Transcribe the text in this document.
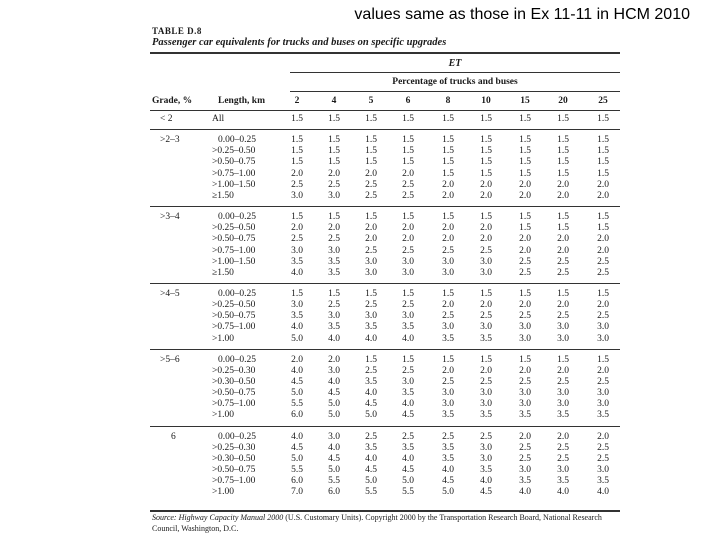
values same as those in Ex 11-11 in HCM 2010
TABLE D.8
Passenger car equivalents for trucks and buses on specific upgrades
ET
Percentage of trucks and buses
Grade, %	Length, km	2	4	5	6	8	10	15	20	25
< 2	All	1.5	1.5	1.5	1.5	1.5	1.5	1.5	1.5	1.5
>2–3	0.00–0.25	1.5	1.5	1.5	1.5	1.5	1.5	1.5	1.5	1.5
>0.25–0.50	1.5	1.5	1.5	1.5	1.5	1.5	1.5	1.5	1.5
>0.50–0.75	1.5	1.5	1.5	1.5	1.5	1.5	1.5	1.5	1.5
>0.75–1.00	2.0	2.0	2.0	2.0	1.5	1.5	1.5	1.5	1.5
>1.00–1.50	2.5	2.5	2.5	2.5	2.0	2.0	2.0	2.0	2.0
≥1.50	3.0	3.0	2.5	2.5	2.0	2.0	2.0	2.0	2.0
>3–4	0.00–0.25	1.5	1.5	1.5	1.5	1.5	1.5	1.5	1.5	1.5
>0.25–0.50	2.0	2.0	2.0	2.0	2.0	2.0	1.5	1.5	1.5
>0.50–0.75	2.5	2.5	2.0	2.0	2.0	2.0	2.0	2.0	2.0
>0.75–1.00	3.0	3.0	2.5	2.5	2.5	2.5	2.0	2.0	2.0
>1.00–1.50	3.5	3.5	3.0	3.0	3.0	3.0	2.5	2.5	2.5
≥1.50	4.0	3.5	3.0	3.0	3.0	3.0	2.5	2.5	2.5
>4–5	0.00–0.25	1.5	1.5	1.5	1.5	1.5	1.5	1.5	1.5	1.5
>0.25–0.50	3.0	2.5	2.5	2.5	2.0	2.0	2.0	2.0	2.0
>0.50–0.75	3.5	3.0	3.0	3.0	2.5	2.5	2.5	2.5	2.5
>0.75–1.00	4.0	3.5	3.5	3.5	3.0	3.0	3.0	3.0	3.0
>1.00	5.0	4.0	4.0	4.0	3.5	3.5	3.0	3.0	3.0
>5–6	0.00–0.25	2.0	2.0	1.5	1.5	1.5	1.5	1.5	1.5	1.5
>0.25–0.30	4.0	3.0	2.5	2.5	2.0	2.0	2.0	2.0	2.0
>0.30–0.50	4.5	4.0	3.5	3.0	2.5	2.5	2.5	2.5	2.5
>0.50–0.75	5.0	4.5	4.0	3.5	3.0	3.0	3.0	3.0	3.0
>0.75–1.00	5.5	5.0	4.5	4.0	3.0	3.0	3.0	3.0	3.0
>1.00	6.0	5.0	5.0	4.5	3.5	3.5	3.5	3.5	3.5
6	0.00–0.25	4.0	3.0	2.5	2.5	2.5	2.5	2.0	2.0	2.0
>0.25–0.30	4.5	4.0	3.5	3.5	3.5	3.0	2.5	2.5	2.5
>0.30–0.50	5.0	4.5	4.0	4.0	3.5	3.0	2.5	2.5	2.5
>0.50–0.75	5.5	5.0	4.5	4.5	4.0	3.5	3.0	3.0	3.0
>0.75–1.00	6.0	5.5	5.0	5.0	4.5	4.0	3.5	3.5	3.5
>1.00	7.0	6.0	5.5	5.5	5.0	4.5	4.0	4.0	4.0
Source: Highway Capacity Manual 2000 (U.S. Customary Units). Copyright 2000 by the Transportation Research Board, National Research Council, Washington, D.C.
